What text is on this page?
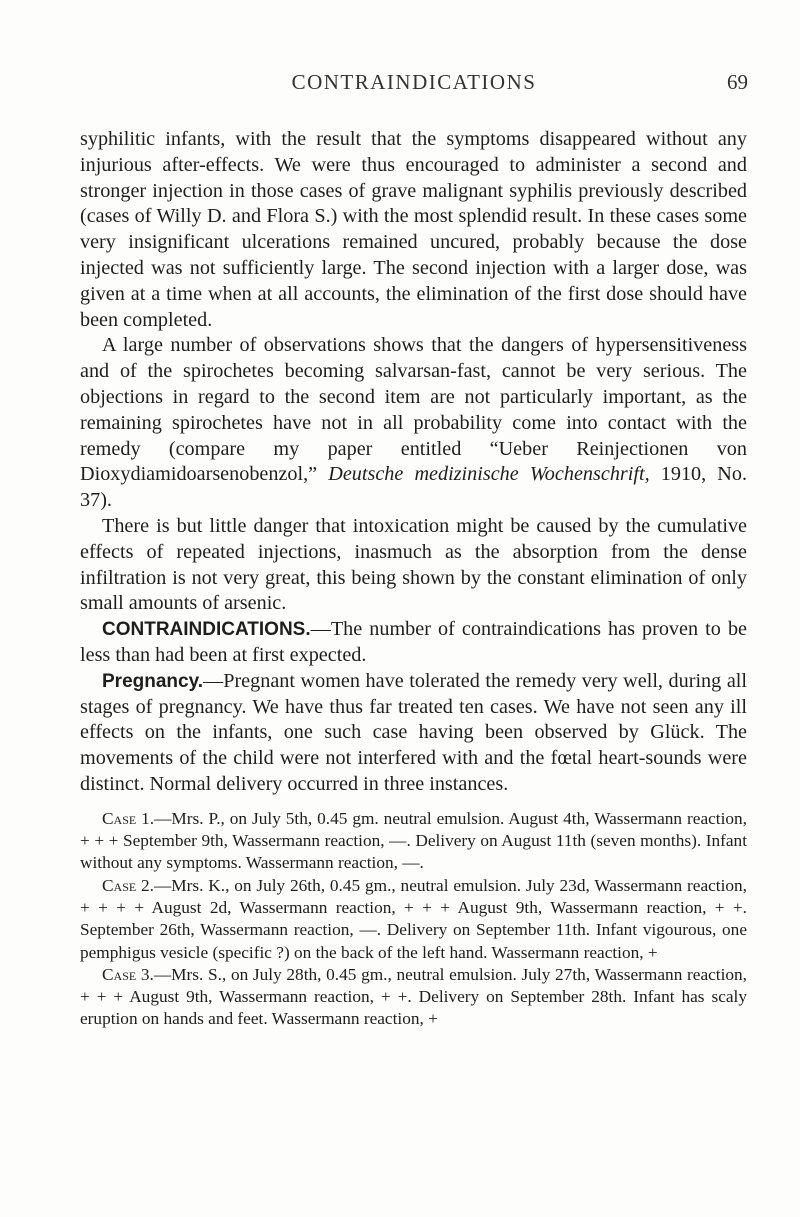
CONTRAINDICATIONS	69

syphilitic infants, with the result that the symptoms disappeared without any injurious after-effects. We were thus encouraged to administer a second and stronger injection in those cases of grave malignant syphilis previously described (cases of Willy D. and Flora S.) with the most splendid result. In these cases some very insignificant ulcerations remained uncured, probably because the dose injected was not sufficiently large. The second injection with a larger dose, was given at a time when at all accounts, the elimination of the first dose should have been completed.

A large number of observations shows that the dangers of hypersensitiveness and of the spirochetes becoming salvarsan-fast, cannot be very serious. The objections in regard to the second item are not particularly important, as the remaining spirochetes have not in all probability come into contact with the remedy (compare my paper entitled “Ueber Reinjectionen von Dioxydiamidoarsenobenzol,” Deutsche medizinische Wochenschrift, 1910, No. 37).

There is but little danger that intoxication might be caused by the cumulative effects of repeated injections, inasmuch as the absorption from the dense infiltration is not very great, this being shown by the constant elimination of only small amounts of arsenic.

CONTRAINDICATIONS.—The number of contraindications has proven to be less than had been at first expected.

Pregnancy.—Pregnant women have tolerated the remedy very well, during all stages of pregnancy. We have thus far treated ten cases. We have not seen any ill effects on the infants, one such case having been observed by Glück. The movements of the child were not interfered with and the fœtal heart-sounds were distinct. Normal delivery occurred in three instances.

Case 1.—Mrs. P., on July 5th, 0.45 gm. neutral emulsion. August 4th, Wassermann reaction, + + + September 9th, Wassermann reaction, —. Delivery on August 11th (seven months). Infant without any symptoms. Wassermann reaction, —.

Case 2.—Mrs. K., on July 26th, 0.45 gm., neutral emulsion. July 23d, Wassermann reaction, + + + + August 2d, Wassermann reaction, + + + August 9th, Wassermann reaction, + +. September 26th, Wassermann reaction, —. Delivery on September 11th. Infant vigourous, one pemphigus vesicle (specific ?) on the back of the left hand. Wassermann reaction, +

Case 3.—Mrs. S., on July 28th, 0.45 gm., neutral emulsion. July 27th, Wassermann reaction, + + + August 9th, Wassermann reaction, + +. Delivery on September 28th. Infant has scaly eruption on hands and feet. Wassermann reaction, +
